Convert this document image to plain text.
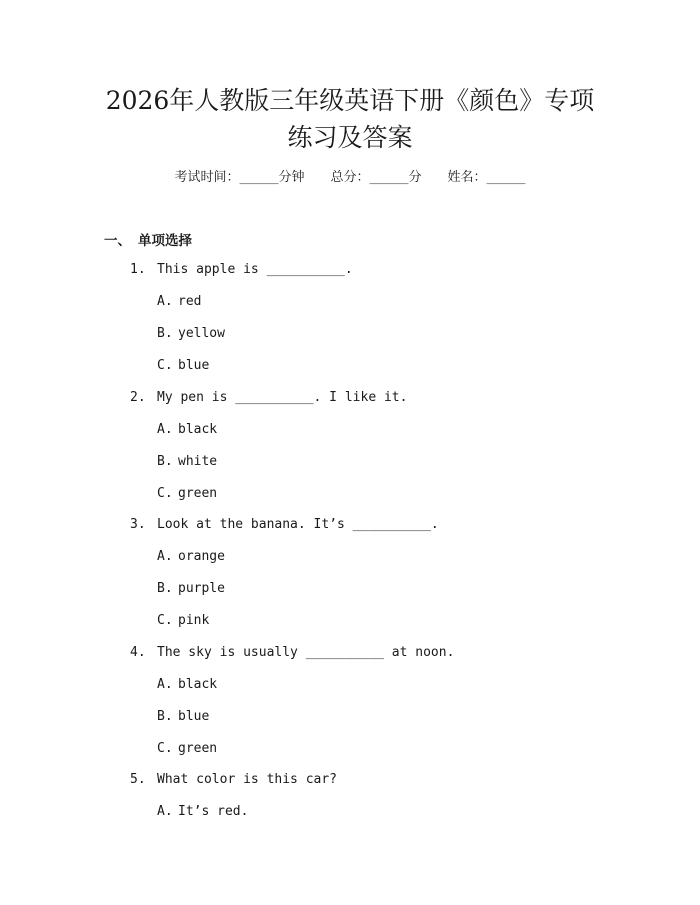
2026年人教版三年级英语下册《颜色》专项
练习及答案
考试时间：______分钟 总分：______分 姓名：______
一、 单项选择
1. This apple is __________.
A. red
B. yellow
C. blue
2. My pen is __________. I like it.
A. black
B. white
C. green
3. Look at the banana. It’s __________.
A. orange
B. purple
C. pink
4. The sky is usually __________ at noon.
A. black
B. blue
C. green
5. What color is this car?
A. It’s red.
